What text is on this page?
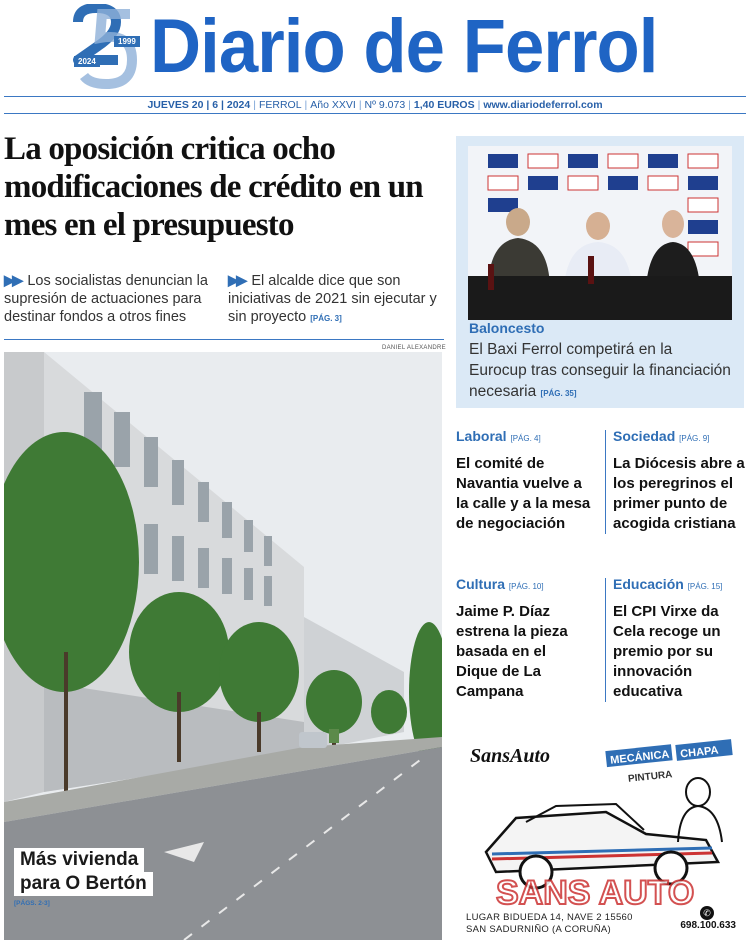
1999
2024 Diario de Ferrol
JUEVES 20 | 6 | 2024 | FERROL | Año XXVI | Nº 9.073 | 1,40 EUROS | www.diariodeferrol.com
La oposición critica ocho modificaciones de crédito en un mes en el presupuesto
▶▶ Los socialistas denuncian la supresión de actuaciones para destinar fondos a otros fines
▶▶ El alcalde dice que son iniciativas de 2021 sin ejecutar y sin proyecto [PÁG. 3]
DANIEL ALEXANDRE
Más vivienda
para O Bertón
[PÁGS. 2-3]
Baloncesto
El Baxi Ferrol competirá en la Eurocup tras conseguir la financiación necesaria [PÁG. 35]
Laboral [PÁG. 4]
El comité de Navantia vuelve a la calle y a la mesa de negociación
Sociedad [PÁG. 9]
La Diócesis abre a los peregrinos el primer punto de acogida cristiana
Cultura [PÁG. 10]
Jaime P. Díaz estrena la pieza basada en el Dique de La Campana
Educación [PÁG. 15]
El CPI Virxe da Cela recoge un premio por su innovación educativa
SansAuto	MECÁNICA CHAPA
PINTURA
SANS AUTO
LUGAR BIDUEDA 14, NAVE 2 15560
SAN SADURNIÑO (A CORUÑA)
✆
698.100.633
